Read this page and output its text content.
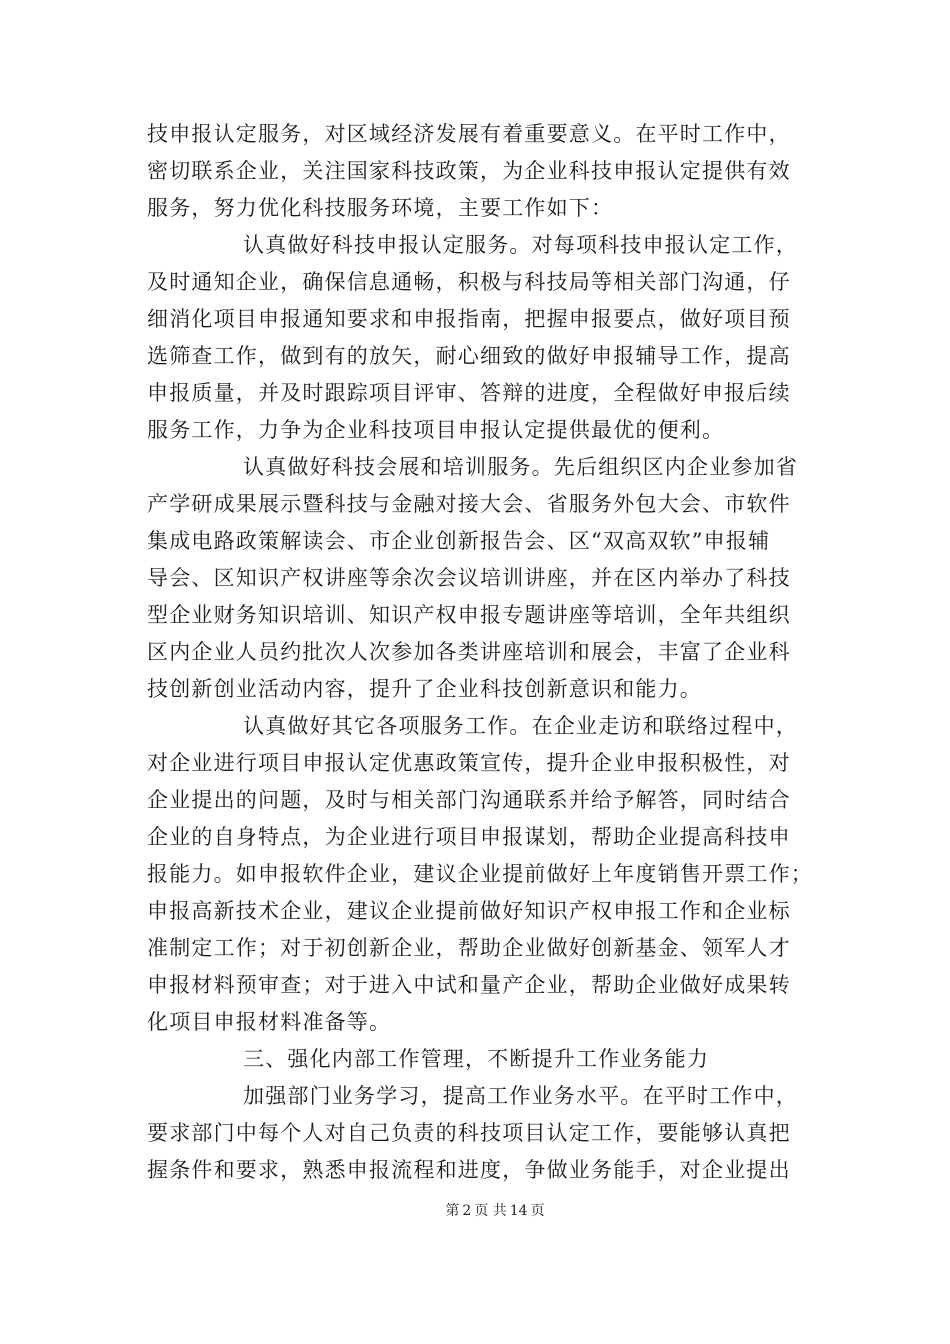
技申报认定服务，对区域经济发展有着重要意义。在平时工作中，
密切联系企业，关注国家科技政策，为企业科技申报认定提供有效
服务，努力优化科技服务环境，主要工作如下：
认真做好科技申报认定服务。对每项科技申报认定工作，
及时通知企业，确保信息通畅，积极与科技局等相关部门沟通，仔
细消化项目申报通知要求和申报指南，把握申报要点，做好项目预
选筛查工作，做到有的放矢，耐心细致的做好申报辅导工作，提高
申报质量，并及时跟踪项目评审、答辩的进度，全程做好申报后续
服务工作，力争为企业科技项目申报认定提供最优的便利。
认真做好科技会展和培训服务。先后组织区内企业参加省
产学研成果展示暨科技与金融对接大会、省服务外包大会、市软件
集成电路政策解读会、市企业创新报告会、区“双高双软”申报辅
导会、区知识产权讲座等余次会议培训讲座，并在区内举办了科技
型企业财务知识培训、知识产权申报专题讲座等培训，全年共组织
区内企业人员约批次人次参加各类讲座培训和展会，丰富了企业科
技创新创业活动内容，提升了企业科技创新意识和能力。
认真做好其它各项服务工作。在企业走访和联络过程中，
对企业进行项目申报认定优惠政策宣传，提升企业申报积极性，对
企业提出的问题，及时与相关部门沟通联系并给予解答，同时结合
企业的自身特点，为企业进行项目申报谋划，帮助企业提高科技申
报能力。如申报软件企业，建议企业提前做好上年度销售开票工作；
申报高新技术企业，建议企业提前做好知识产权申报工作和企业标
准制定工作；对于初创新企业，帮助企业做好创新基金、领军人才
申报材料预审查；对于进入中试和量产企业，帮助企业做好成果转
化项目申报材料准备等。
三、强化内部工作管理，不断提升工作业务能力
加强部门业务学习，提高工作业务水平。在平时工作中，
要求部门中每个人对自己负责的科技项目认定工作，要能够认真把
握条件和要求，熟悉申报流程和进度，争做业务能手，对企业提出
第 2 页 共 14 页
